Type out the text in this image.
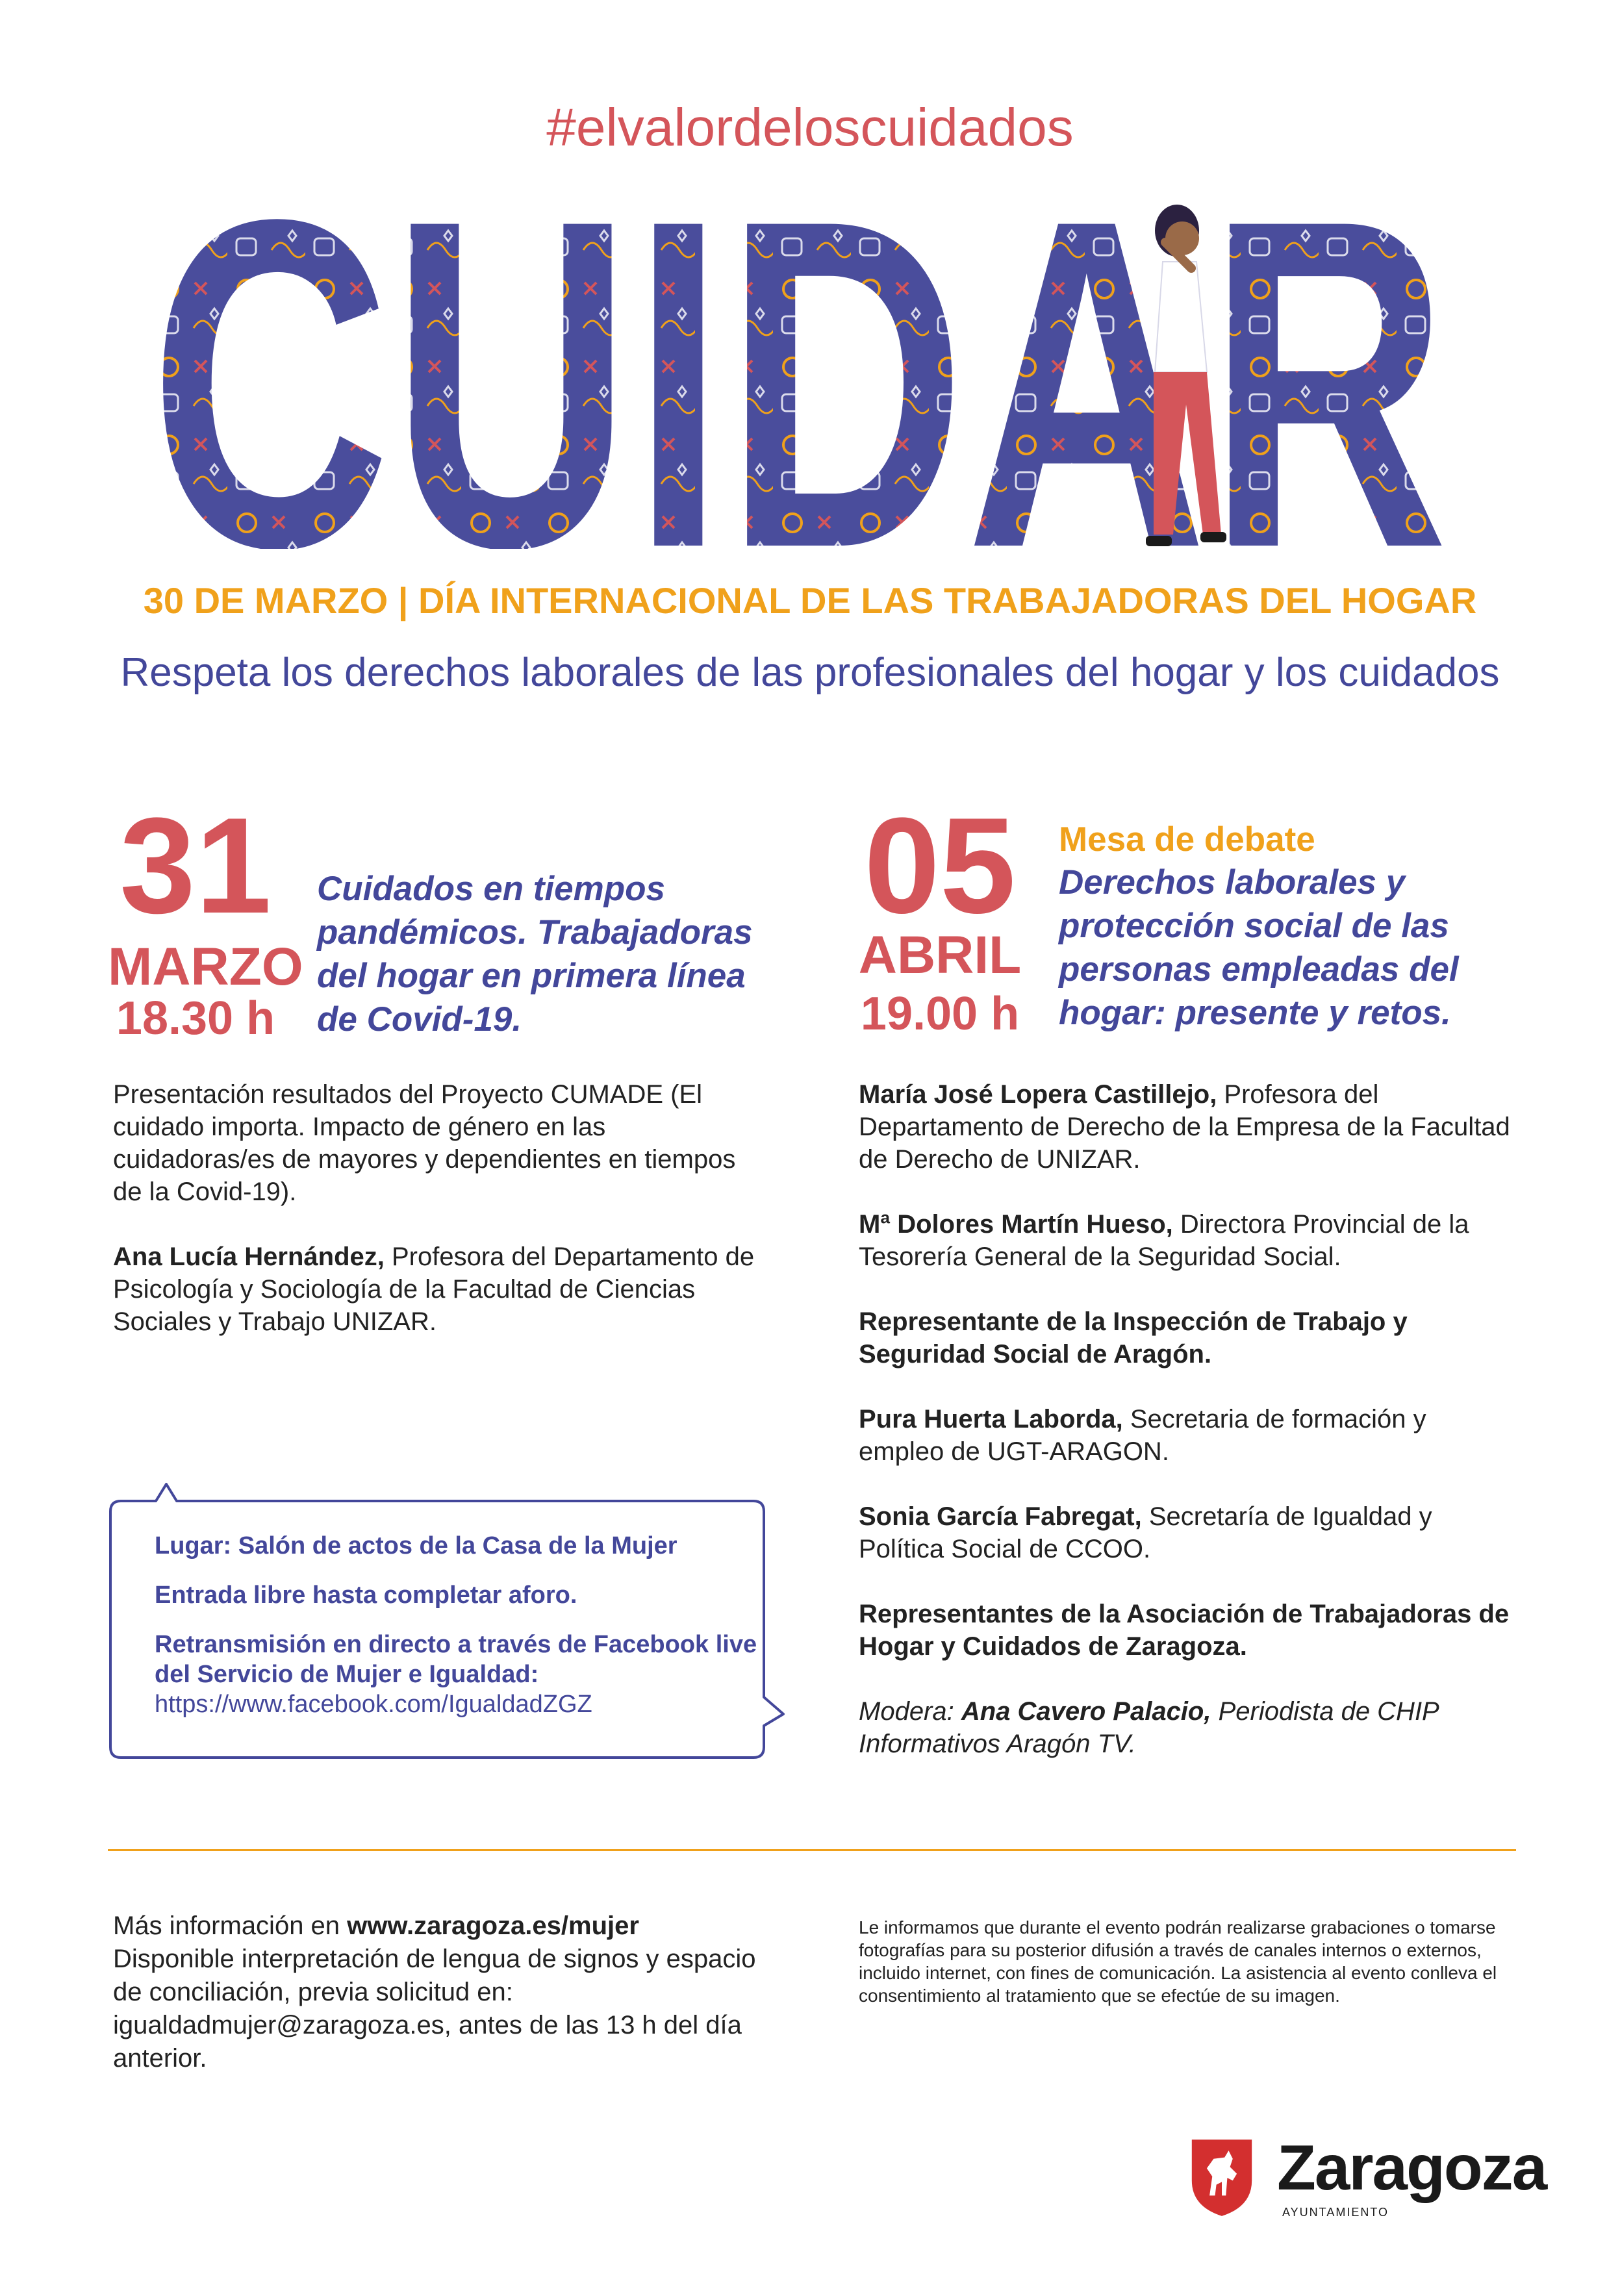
#elvalordeloscuidados
30 DE MARZO | DÍA INTERNACIONAL DE LAS TRABAJADORAS DEL HOGAR
Respeta los derechos laborales de las profesionales del hogar y los cuidados
31
MARZO
18.30 h
Cuidados en tiempos
pandémicos. Trabajadoras
del hogar en primera línea
de Covid-19.

Presentación resultados del Proyecto CUMADE (El cuidado importa. Impacto de género en las cuidadoras/es de mayores y dependientes en tiempos de la Covid-19).

Ana Lucía Hernández, Profesora del Departamento de Psicología y Sociología de la Facultad de Ciencias Sociales y Trabajo UNIZAR.

05
ABRIL
19.00 h
Mesa de debate
Derechos laborales y
protección social de las
personas empleadas del
hogar: presente y retos.

María José Lopera Castillejo, Profesora del Departamento de Derecho de la Empresa de la Facultad de Derecho de UNIZAR.

Mª Dolores Martín Hueso, Directora Provincial de la Tesorería General de la Seguridad Social.

Representante de la Inspección de Trabajo y Seguridad Social de Aragón.

Pura Huerta Laborda, Secretaria de formación y empleo de UGT-ARAGON.

Sonia García Fabregat, Secretaría de Igualdad y Política Social de CCOO.

Representantes de la Asociación de Trabajadoras de Hogar y Cuidados de Zaragoza.

Modera: Ana Cavero Palacio, Periodista de CHIP Informativos Aragón TV.

Lugar: Salón de actos de la Casa de la Mujer
Entrada libre hasta completar aforo.
Retransmisión en directo a través de Facebook live del Servicio de Mujer e Igualdad:
https://www.facebook.com/IgualdadZGZ
Más información en www.zaragoza.es/mujer
Disponible interpretación de lengua de signos y espacio de conciliación, previa solicitud en: igualdadmujer@zaragoza.es, antes de las 13 h del día anterior.
Le informamos que durante el evento podrán realizarse grabaciones o tomarse fotografías para su posterior difusión a través de canales internos o externos, incluido internet, con fines de comunicación. La asistencia al evento conlleva el consentimiento al tratamiento que se efectúe de su imagen.
Zaragoza
AYUNTAMIENTO
